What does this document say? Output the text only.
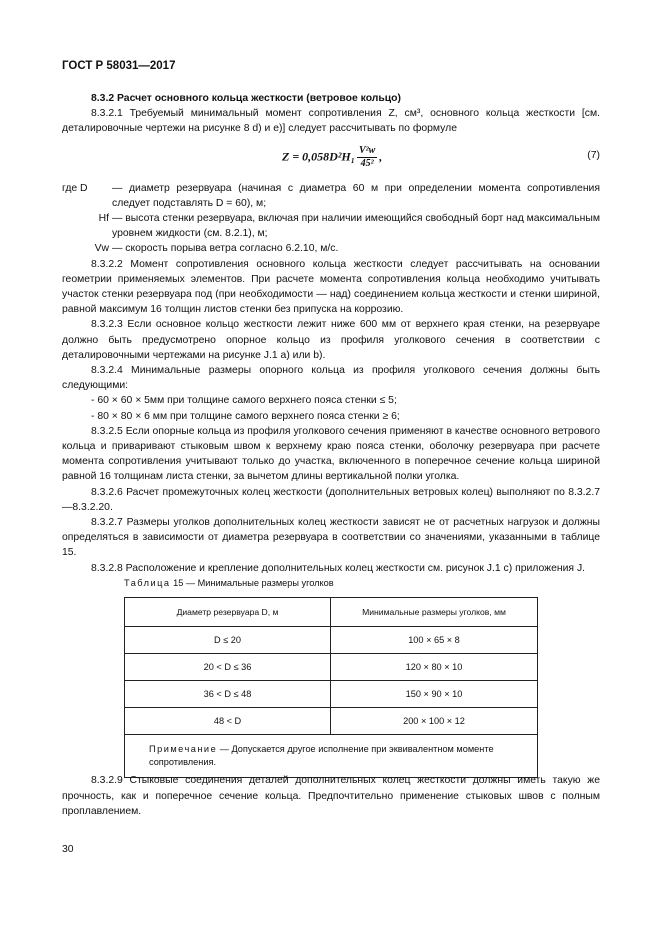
ГОСТ Р 58031—2017

8.3.2 Расчет основного кольца жесткости (ветровое кольцо)

8.3.2.1 Требуемый минимальный момент сопротивления Z, см³, основного кольца жесткости [см. деталировочные чертежи на рисунке 8 d) и e)] следует рассчитывать по формуле

$Z = 0,058D^2H_1 \frac{\text{V²w}}{\text{45²}}$ ,	(7)
где D	— диаметр резервуара (начиная с диаметра 60 м при определении момента сопротивления следует подставлять D = 60), м;
Hf — высота стенки резервуара, включая при наличии имеющийся свободный борт над максимальным уровнем жидкости (см. 8.2.1), м;
Vw — скорость порыва ветра согласно 6.2.10, м/с.

8.3.2.2 Момент сопротивления основного кольца жесткости следует рассчитывать на основании геометрии применяемых элементов. При расчете момента сопротивления кольца необходимо учитывать участок стенки резервуара под (при необходимости — над) соединением кольца жесткости и стенки шириной, равной максимум 16 толщин листов стенки без припуска на коррозию.

8.3.2.3 Если основное кольцо жесткости лежит ниже 600 мм от верхнего края стенки, на резервуаре должно быть предусмотрено опорное кольцо из профиля уголкового сечения в соответствии с деталировочными чертежами на рисунке J.1 a) или b).

8.3.2.4 Минимальные размеры опорного кольца из профиля уголкового сечения должны быть следующими:

- 60 × 60 × 5мм при толщине самого верхнего пояса стенки ≤ 5;

- 80 × 80 × 6 мм при толщине самого верхнего пояса стенки ≥ 6;

8.3.2.5 Если опорные кольца из профиля уголкового сечения применяют в качестве основного ветрового кольца и приваривают стыковым швом к верхнему краю пояса стенки, оболочку резервуара при расчете момента сопротивления учитывают только до участка, включенного в поперечное сечение кольца шириной равной 16 толщинам листа стенки, за вычетом длины вертикальной полки уголка.

8.3.2.6 Расчет промежуточных колец жесткости (дополнительных ветровых колец) выполняют по 8.3.2.7—8.3.2.20.

8.3.2.7 Размеры уголков дополнительных колец жесткости зависят не от расчетных нагрузок и должны определяться в зависимости от диаметра резервуара в соответствии со значениями, указанными в таблице 15.

8.3.2.8 Расположение и крепление дополнительных колец жесткости см. рисунок J.1 c) приложения J.

Таблица 15 — Минимальные размеры уголков
Диаметр резервуара D, м	Минимальные размеры уголков, мм
D ≤ 20	100 × 65 × 8
20 < D ≤ 36	120 × 80 × 10
36 < D ≤ 48	150 × 90 × 10
48 < D	200 × 100 × 12
Примечание — Допускается другое исполнение при эквивалентном моменте сопротивления.	

8.3.2.9 Стыковые соединения деталей дополнительных колец жесткости должны иметь такую же прочность, как и поперечное сечение кольца. Предпочтительно применение стыковых швов с полным проплавлением.

30
